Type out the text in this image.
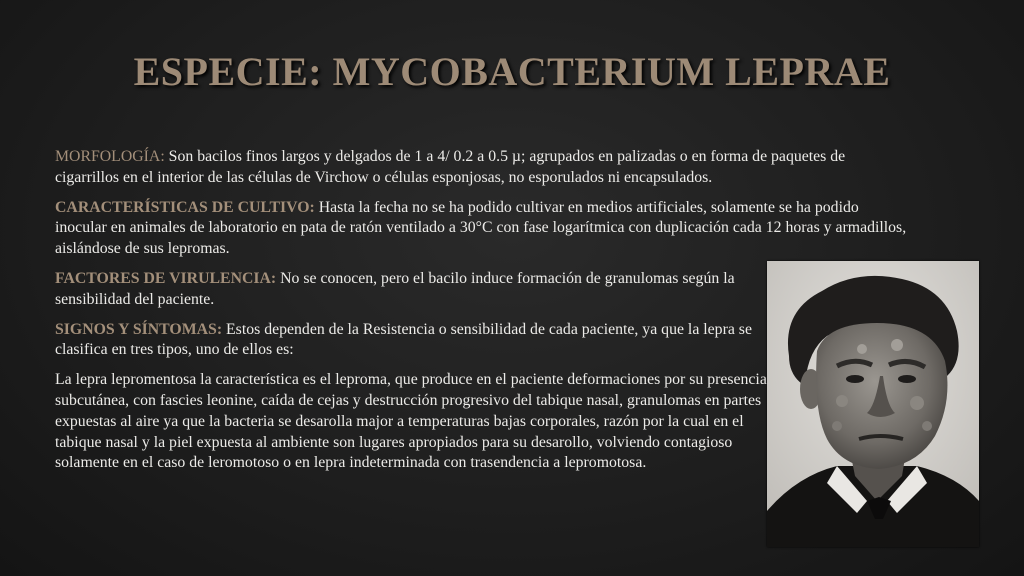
ESPECIE: MYCOBACTERIUM LEPRAE

MORFOLOGÍA: Son bacilos finos largos y delgados de 1 a 4/ 0.2 a 0.5 µ; agrupados en palizadas o en forma de paquetes de cigarrillos en el interior de las células de Virchow o células esponjosas, no esporulados ni encapsulados.

CARACTERÍSTICAS DE CULTIVO: Hasta la fecha no se ha podido cultivar en medios artificiales, solamente se ha podido inocular en animales de laboratorio en pata de ratón ventilado a 30°C con fase logarítmica con duplicación cada 12 horas y armadillos, aislándose de sus lepromas.

FACTORES DE VIRULENCIA: No se conocen, pero el bacilo induce formación de granulomas según la sensibilidad del paciente.

SIGNOS Y SÍNTOMAS: Estos dependen de la Resistencia o sensibilidad de cada paciente, ya que la lepra se clasifica en tres tipos, uno de ellos es:

La lepra lepromentosa la característica es el leproma, que produce en el paciente deformaciones por su presencia subcutánea, con fascies leonine, caída de cejas y destrucción progresivo del tabique nasal, granulomas en partes expuestas al aire ya que la bacteria se desarolla major a temperaturas bajas corporales, razón por la cual en el tabique nasal y la piel expuesta al ambiente son lugares apropiados para su desarollo, volviendo contagioso solamente en el caso de leromotoso o en lepra indeterminada con trasendencia a lepromotosa.
